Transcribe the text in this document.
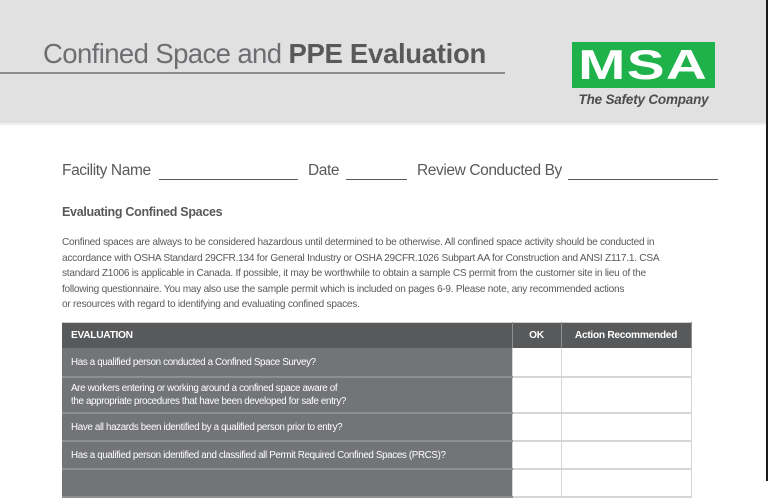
Confined Space and PPE Evaluation MSA
The Safety Company
Facility Name	Date	Review Conducted By
Evaluating Confined Spaces
Confined spaces are always to be considered hazardous until determined to be otherwise. All confined space activity should be conducted in
accordance with OSHA Standard 29CFR.134 for General Industry or OSHA 29CFR.1026 Subpart AA for Construction and ANSI Z117.1. CSA
standard Z1006 is applicable in Canada. If possible, it may be worthwhile to obtain a sample CS permit from the customer site in lieu of the
following questionnaire. You may also use the sample permit which is included on pages 6-9. Please note, any recommended actions
or resources with regard to identifying and evaluating confined spaces.
EVALUATION	OK	Action Recommended
Has a qualified person conducted a Confined Space Survey?		

Are workers entering or working around a confined space aware of
the appropriate procedures that have been developed for safe entry?		

Have all hazards been identified by a qualified person prior to entry?		
Has a qualified person identified and classified all Permit Required Confined Spaces (PRCS)?		
